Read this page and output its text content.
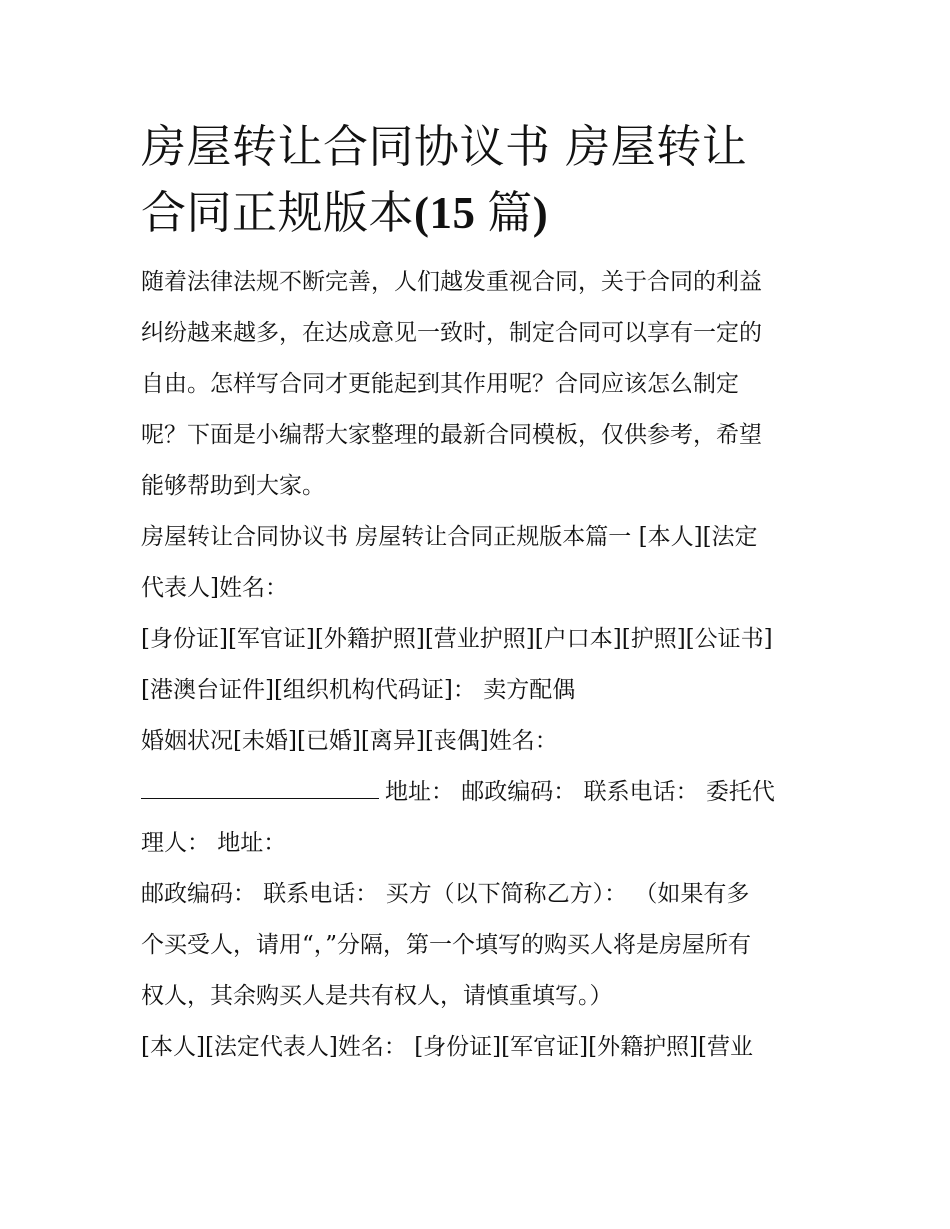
房屋转让合同协议书 房屋转让
合同正规版本(15 篇)

随着法律法规不断完善，人们越发重视合同，关于合同的利益
纠纷越来越多，在达成意见一致时，制定合同可以享有一定的
自由。怎样写合同才更能起到其作用呢？合同应该怎么制定
呢？下面是小编帮大家整理的最新合同模板，仅供参考，希望
能够帮助到大家。

房屋转让合同协议书 房屋转让合同正规版本篇一 [本人][法定
代表人]姓名：

[身份证][军官证][外籍护照][营业护照][户口本][护照][公证书]
[港澳台证件][组织机构代码证]： 卖方配偶

婚姻状况[未婚][已婚][离异][丧偶]姓名：

地址： 邮政编码： 联系电话： 委托代
理人： 地址：

邮政编码： 联系电话： 买方（以下简称乙方）： （如果有多
个买受人，请用“，”分隔，第一个填写的购买人将是房屋所有
权人，其余购买人是共有权人，请慎重填写。）

[本人][法定代表人]姓名： [身份证][军官证][外籍护照][营业
